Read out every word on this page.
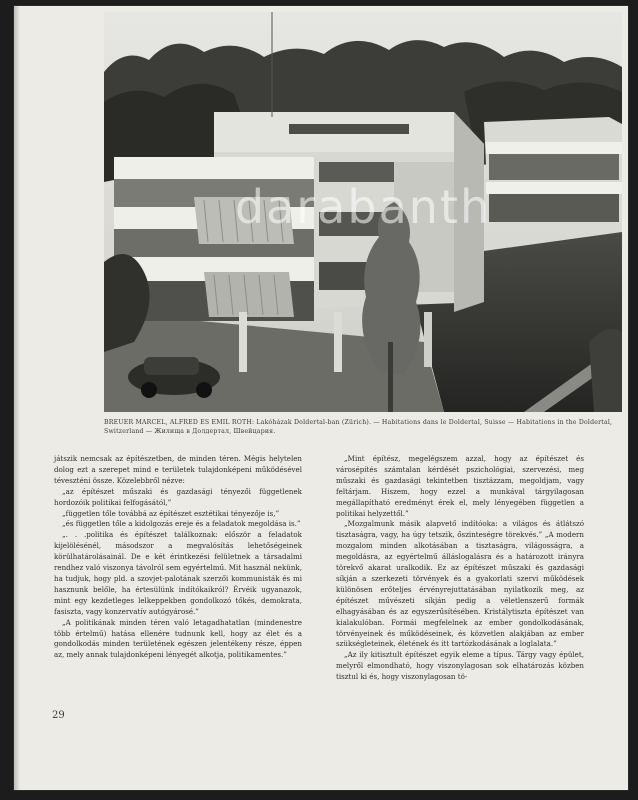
darabanth
BREUER MARCEL, ALFRED ES EMIL ROTH: Lakóházak Doldertal-ban (Zürich). — Habitations dans le Doldertal, Suisse — Habitations in the Doldertal, Switzerland — Жилища в Долдертал, Швейцария.

játszik nemcsak az építészetben, de minden téren. Mégis helytelen dolog ezt a szerepet mind e területek tulajdonképeni működésével téveszténi össze. Közelebbről nézve:

„az építészet műszaki és gazdasági tényezői függetlenek hordozóik politikai felfogásától,”

„független tőle továbbá az építészet esztétikai tényezője is,”

„és független tőle a kidolgozás ereje és a feladatok megoldása is.”

„. . .politika és építészet találkoznak: először a feladatok kijelölésénél, másodszor a megvalósítás lehetőségeinek körülhatárolásainál. De e két érintkezési felületnek a társadalmi rendhez való viszonya távolról sem egyértelmű. Mit használ nekünk, ha tudjuk, hogy pld. a szovjet-palotának szerzői kommunisták és mi hasznunk belőle, ha értesülünk indítókaikról? Érvéik ugyanazok, mint egy kezdetleges lelkeppekben gondolkozó tőkés, demokrata, fasiszta, vagy konzervatív autógyárosé.”

„A politikának minden téren való letagadhatatlan (mindenestre több értelmű) hatása ellenére tudnunk kell, hogy az élet és a gondolkodás minden területének egészen jelentékeny része, éppen az, mely annak tulajdonképeni lényegét alkotja, politikamentes.”

„Mint építész, megelégszem azzal, hogy az építészet és városépítés számtalan kérdését pszichológiai, szervezési, meg műszaki és gazdasági tekintetben tisztázzam, megoldjam, vagy feltárjam. Hiszem, hogy ezzel a munkával tárgyilagosan megállapítható eredményt érek el, mely lényegében független a politikai helyzettől.”

„Mozgalmunk másik alapvető indítóoka: a világos és átlátszó tisztaságra, vagy, ha úgy tetszik, őszinteségre törekvés.” „A modern mozgalom minden alkotásában a tisztaságra, világosságra, a megoldásra, az egyértelmű álláslogalásra és a határozott irányra törekvő akarat uralkodik. Ez az építészet műszaki és gazdasági síkján a szerkezeti törvények és a gyakorlati szervi működések különösen erőteljes érvényrejuttatásában nyilatkozik meg, az építészet művészeti síkján pedig a véletlenszerű formák elhagyásában és az egyszerűsítésében. Kristálytiszta építészet van kialakulóban. Formái megfelelnek az ember gondolkodásának, törvényeinek és működéseinek, és közvetlen alakjában az ember szükségleteinek, életének és itt tartózkodásának a loglalata.”

„Az ily kitisztult építészet egyik eleme a típus. Tárgy vagy épület, melyről elmondható, hogy viszonylagosan sok elhatározás közben tisztul ki és, hogy viszonylagosan tö-

29
